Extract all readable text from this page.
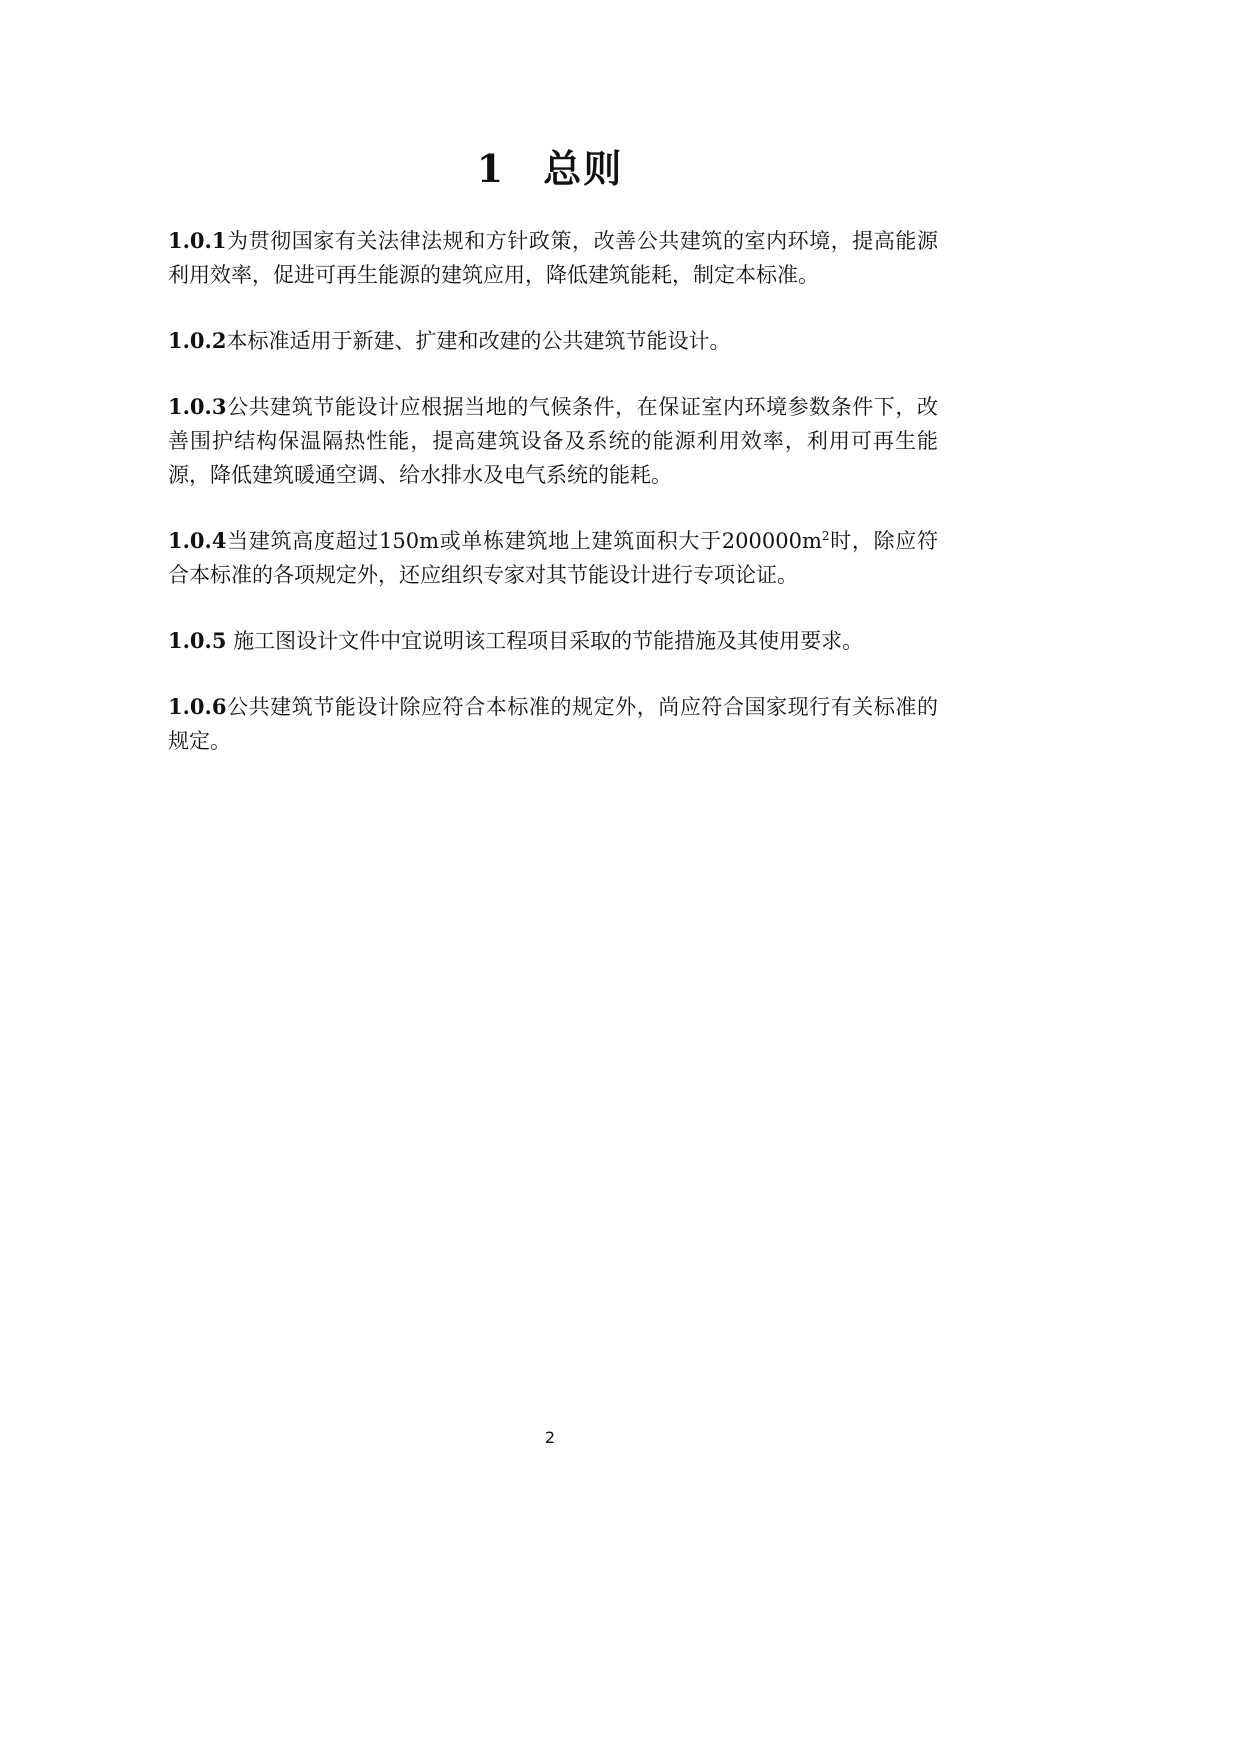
1 总则

1.0.1为贯彻国家有关法律法规和方针政策，改善公共建筑的室内环境，提高能源利用效率，促进可再生能源的建筑应用，降低建筑能耗，制定本标准。

1.0.2本标准适用于新建、扩建和改建的公共建筑节能设计。

1.0.3公共建筑节能设计应根据当地的气候条件，在保证室内环境参数条件下，改善围护结构保温隔热性能，提高建筑设备及系统的能源利用效率，利用可再生能源，降低建筑暖通空调、给水排水及电气系统的能耗。

1.0.4当建筑高度超过150m或单栋建筑地上建筑面积大于$200000m^2$时，除应符合本标准的各项规定外，还应组织专家对其节能设计进行专项论证。

1.0.5 施工图设计文件中宜说明该工程项目采取的节能措施及其使用要求。

1.0.6公共建筑节能设计除应符合本标准的规定外，尚应符合国家现行有关标准的规定。

2
